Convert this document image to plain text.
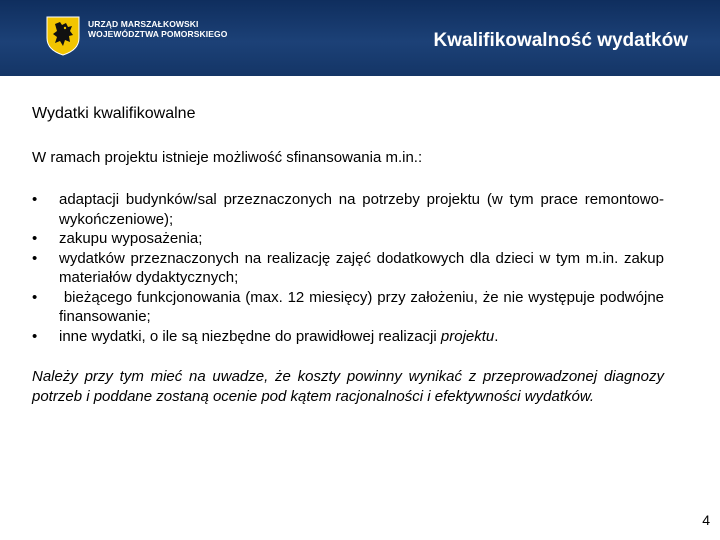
URZĄD MARSZAŁKOWSKI
WOJEWÓDZTWA POMORSKIEGO	Kwalifikowalność wydatków

Wydatki kwalifikowalne

W ramach projektu istnieje możliwość sfinansowania m.in.:

•	adaptacji budynków/sal przeznaczonych na potrzeby projektu (w tym prace remontowo-wykończeniowe);
•	zakupu wyposażenia;
•	wydatków przeznaczonych na realizację zajęć dodatkowych dla dzieci w tym m.in. zakup materiałów dydaktycznych;
•	bieżącego funkcjonowania (max. 12 miesięcy) przy założeniu, że nie występuje podwójne finansowanie;
•	inne wydatki, o ile są niezbędne do prawidłowej realizacji projektu.

Należy przy tym mieć na uwadze, że koszty powinny wynikać z przeprowadzonej diagnozy potrzeb i poddane zostaną ocenie pod kątem racjonalności i efektywności wydatków.

4
